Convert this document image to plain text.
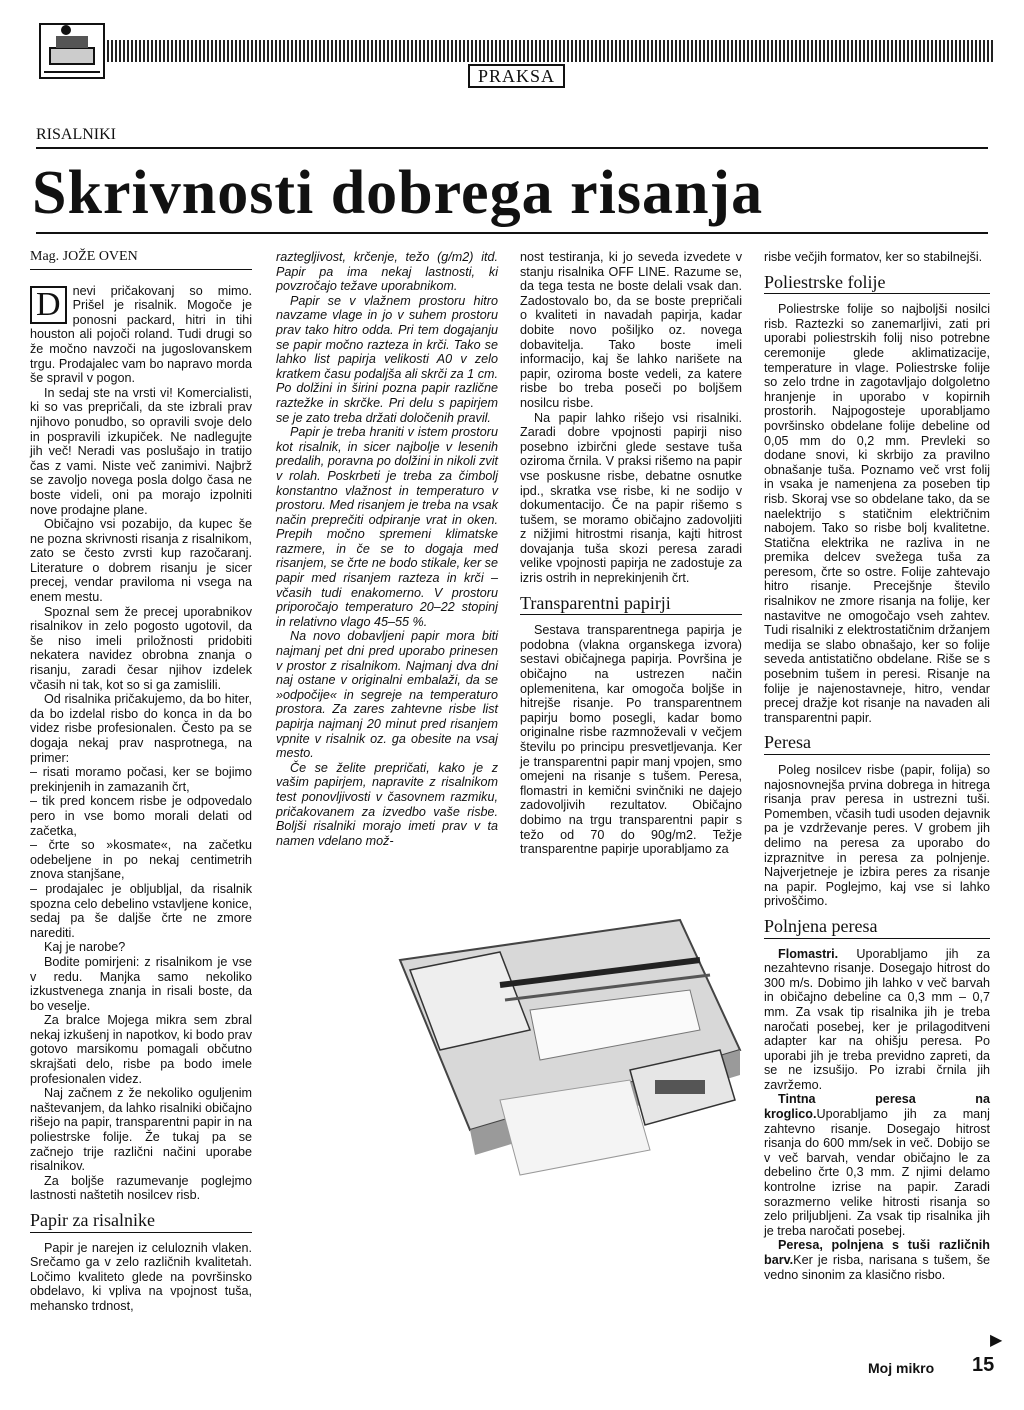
PRAKSA
RISALNIKI
Skrivnosti dobrega risanja
Mag. JOŽE OVEN

D nevi pričakovanj so mimo. Prišel je risalnik. Mogoče je ponosni packard, hitri in tihi houston ali pojoči roland. Tudi drugi so že močno navzoči na jugoslovanskem trgu. Prodajalec vam bo napravo morda še spravil v pogon.

In sedaj ste na vrsti vi! Komercialisti, ki so vas prepričali, da ste izbrali prav njihovo ponudbo, so opravili svoje delo in pospravili izkupiček. Ne nadlegujte jih več! Neradi vas poslušajo in tratijo čas z vami. Niste več zanimivi. Najbrž se zavoljo novega posla dolgo časa ne boste videli, oni pa morajo izpolniti nove prodajne plane.

Običajno vsi pozabijo, da kupec še ne pozna skrivnosti risanja z risalnikom, zato se često zvrsti kup razočaranj. Literature o dobrem risanju je sicer precej, vendar praviloma ni vsega na enem mestu.

Spoznal sem že precej uporabnikov risalnikov in zelo pogosto ugotovil, da še niso imeli priložnosti pridobiti nekatera navidez obrobna znanja o risanju, zaradi česar njihov izdelek včasih ni tak, kot so si ga zamislili.

Od risalnika pričakujemo, da bo hiter, da bo izdelal risbo do konca in da bo videz risbe profesionalen. Često pa se dogaja nekaj prav nasprotnega, na primer:

– risati moramo počasi, ker se bojimo prekinjenih in zamazanih črt,

– tik pred koncem risbe je odpovedalo pero in vse bomo morali delati od začetka,

– črte so »kosmate«, na začetku odebeljene in po nekaj centimetrih znova stanjšane,

– prodajalec je obljubljal, da risalnik spozna celo debelino vstavljene konice, sedaj pa še daljše črte ne zmore narediti.

Kaj je narobe?

Bodite pomirjeni: z risalnikom je vse v redu. Manjka samo nekoliko izkustvenega znanja in risali boste, da bo veselje.

Za bralce Mojega mikra sem zbral nekaj izkušenj in napotkov, ki bodo prav gotovo marsikomu pomagali občutno skrajšati delo, risbe pa bodo imele profesionalen videz.

Naj začnem z že nekoliko oguljenim naštevanjem, da lahko risalniki običajno rišejo na papir, transparentni papir in na poliestrske folije. Že tukaj pa se začnejo trije različni načini uporabe risalnikov.

Za boljše razumevanje poglejmo lastnosti naštetih nosilcev risb.

Papir za risalnike

Papir je narejen iz celuloznih vlaken. Srečamo ga v zelo različnih kvalitetah. Ločimo kvaliteto glede na površinsko obdelavo, ki vpliva na vpojnost tuša, mehansko trdnost,

raztegljivost, krčenje, težo (g/m2) itd. Papir pa ima nekaj lastnosti, ki povzročajo težave uporabnikom.

Papir se v vlažnem prostoru hitro navzame vlage in jo v suhem prostoru prav tako hitro odda. Pri tem dogajanju se papir močno razteza in krči. Tako se lahko list papirja velikosti A0 v zelo kratkem času podaljša ali skrči za 1 cm. Po dolžini in širini pozna papir različne raztežke in skrčke. Pri delu s papirjem se je zato treba držati določenih pravil.

Papir je treba hraniti v istem prostoru kot risalnik, in sicer najbolje v lesenih predalih, poravna po dolžini in nikoli zvit v rolah. Poskrbeti je treba za čimbolj konstantno vlažnost in temperaturo v prostoru. Med risanjem je treba na vsak način preprečiti odpiranje vrat in oken. Prepih močno spremeni klimatske razmere, in če se to dogaja med risanjem, se črte ne bodo stikale, ker se papir med risanjem razteza in krči – včasih tudi enakomerno. V prostoru priporočajo temperaturo 20–22 stopinj in relativno vlago 45–55 %.

Na novo dobavljeni papir mora biti najmanj pet dni pred uporabo prinesen v prostor z risalnikom. Najmanj dva dni naj ostane v originalni embalaži, da se »odpočije« in segreje na temperaturo prostora. Za zares zahtevne risbe list papirja najmanj 20 minut pred risanjem vpnite v risalnik oz. ga obesite na vsaj mesto.

Če se želite prepričati, kako je z vašim papirjem, napravite z risalnikom test ponovljivosti v časovnem razmiku, pričakovanem za izvedbo vaše risbe. Boljši risalniki morajo imeti prav v ta namen vdelano mož-

nost testiranja, ki jo seveda izvedete v stanju risalnika OFF LINE. Razume se, da tega testa ne boste delali vsak dan. Zadostovalo bo, da se boste prepričali o kvaliteti in navadah papirja, kadar dobite novo pošiljko oz. novega dobavitelja. Tako boste imeli informacijo, kaj še lahko narišete na papir, oziroma boste vedeli, za katere risbe bo treba poseči po boljšem nosilcu risbe.

Na papir lahko rišejo vsi risalniki. Zaradi dobre vpojnosti papirji niso posebno izbirčni glede sestave tuša oziroma črnila. V praksi rišemo na papir vse poskusne risbe, debatne osnutke ipd., skratka vse risbe, ki ne sodijo v dokumentacijo. Če na papir rišemo s tušem, se moramo običajno zadovoljiti z nižjimi hitrostmi risanja, kajti hitrost dovajanja tuša skozi peresa zaradi velike vpojnosti papirja ne zadostuje za izris ostrih in neprekinjenih črt.

Transparentni papirji

Sestava transparentnega papirja je podobna (vlakna organskega izvora) sestavi običajnega papirja. Površina je običajno na ustrezen način oplemenitena, kar omogoča boljše in hitrejše risanje. Po transparentnem papirju bomo posegli, kadar bomo originalne risbe razmnoževali v večjem številu po principu presvetljevanja. Ker je transparentni papir manj vpojen, smo omejeni na risanje s tušem. Peresa, flomastri in kemični svinčniki ne dajejo zadovoljivih rezultatov. Običajno dobimo na trgu transparentni papir s težo od 70 do 90g/m2. Težje transparentne papirje uporabljamo za

risbe večjih formatov, ker so stabilnejši.

Poliestrske folije

Poliestrske folije so najboljši nosilci risb. Raztezki so zanemarljivi, zati pri uporabi poliestrskih folij niso potrebne ceremonije glede aklimatizacije, temperature in vlage. Poliestrske folije so zelo trdne in zagotavljajo dolgoletno hranjenje in uporabo v kopirnih prostorih. Najpogosteje uporabljamo površinsko obdelane folije debeline od 0,05 mm do 0,2 mm. Prevleki so dodane snovi, ki skrbijo za pravilno obnašanje tuša. Poznamo več vrst folij in vsaka je namenjena za poseben tip risb. Skoraj vse so obdelane tako, da se naelektrijo s statičnim električnim nabojem. Tako so risbe bolj kvalitetne. Statična elektrika ne razliva in ne premika delcev svežega tuša za peresom, črte so ostre. Folije zahtevajo hitro risanje. Precejšnje število risalnikov ne zmore risanja na folije, ker nastavitve ne omogočajo vseh zahtev. Tudi risalniki z elektrostatičnim držanjem medija se slabo obnašajo, ker so folije seveda antistatično obdelane. Riše se s posebnim tušem in peresi. Risanje na folije je najenostavneje, hitro, vendar precej dražje kot risanje na navaden ali transparentni papir.

Peresa

Poleg nosilcev risbe (papir, folija) so najosnovnejša prvina dobrega in hitrega risanja prav peresa in ustrezni tuši. Pomemben, včasih tudi usoden dejavnik pa je vzdrževanje peres. V grobem jih delimo na peresa za uporabo do izpraznitve in peresa za polnjenje. Najverjetneje je izbira peres za risanje na papir. Poglejmo, kaj vse si lahko privoščimo.

Polnjena peresa

Flomastri. Uporabljamo jih za nezahtevno risanje. Dosegajo hitrost do 300 m/s. Dobimo jih lahko v več barvah in običajno debeline ca 0,3 mm – 0,7 mm. Za vsak tip risalnika jih je treba naročati posebej, ker je prilagoditveni adapter kar na ohišju peresa. Po uporabi jih je treba previdno zapreti, da se ne izsušijo. Po izrabi črnila jih zavržemo.

Tintna peresa na kroglico.Uporabljamo jih za manj zahtevno risanje. Dosegajo hitrost risanja do 600 mm/sek in več. Dobijo se v več barvah, vendar običajno le za debelino črte 0,3 mm. Z njimi delamo kontrolne izrise na papir. Zaradi sorazmerno velike hitrosti risanja so zelo priljubljeni. Za vsak tip risalnika jih je treba naročati posebej.

Peresa, polnjena s tuši različnih barv.Ker je risba, narisana s tušem, še vedno sinonim za klasično risbo.

▶
Moj mikro 15
